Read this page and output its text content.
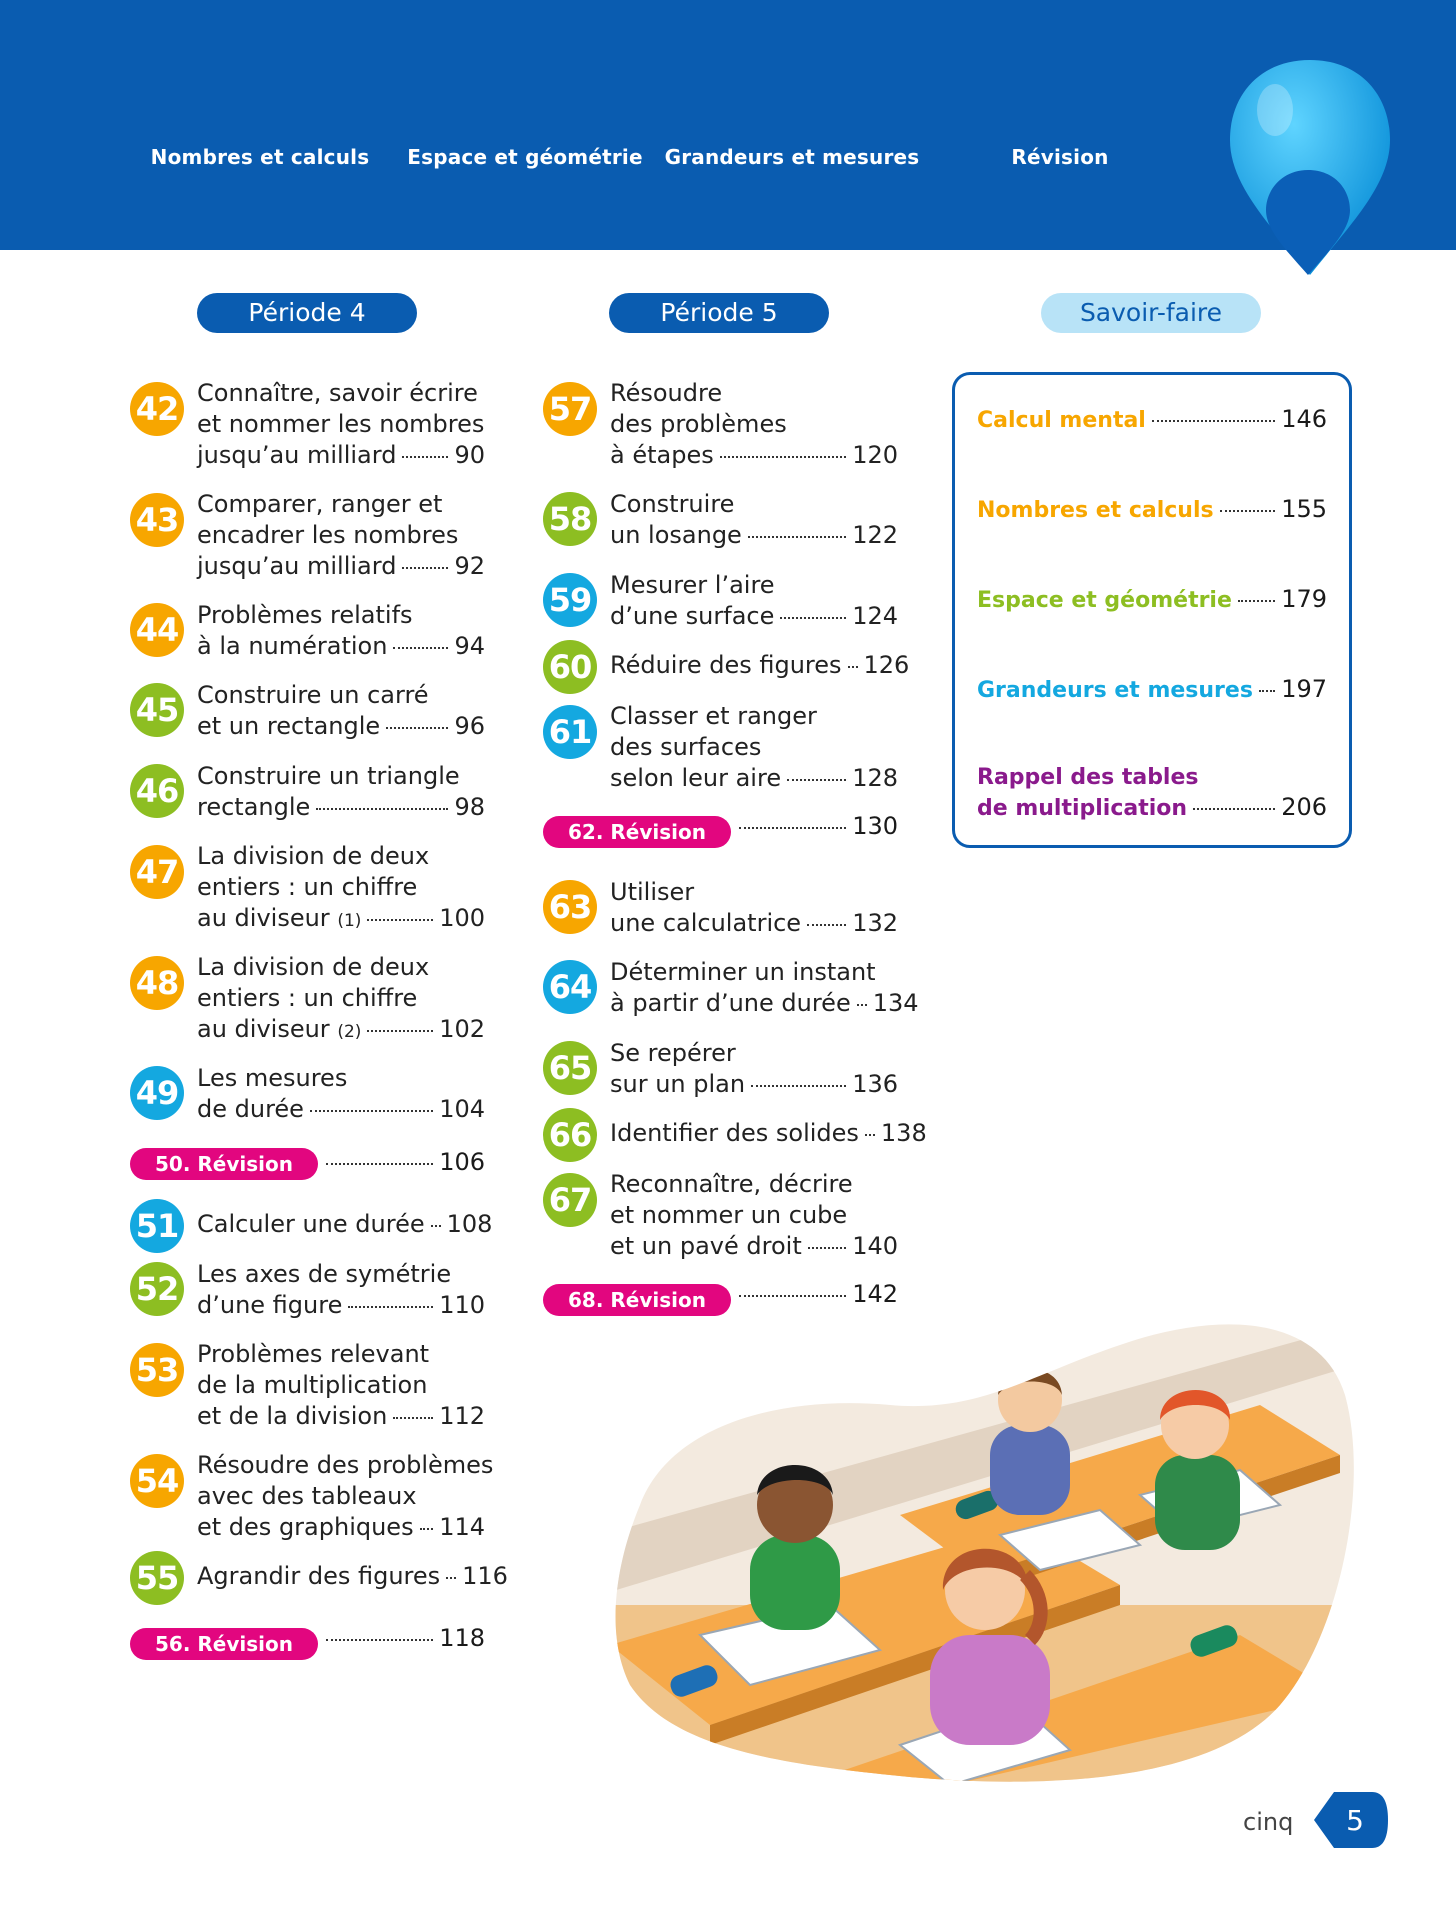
Nombres et calculs	Espace et géométrie	Grandeurs et mesures	Révision
Période 4	Période 5	Savoir-faire
42 Connaître, savoir écrire
et nommer les nombres
jusqu’au milliard 90
43 Comparer, ranger et
encadrer les nombres
jusqu’au milliard 92
44 Problèmes relatifs
à la numération	94
45 Construire un carré
et un rectangle	96
46 Construire un triangle
rectangle	98
47 La division de deux
entiers : un chiffre
au diviseur
(1)	100
48 La division de deux
entiers : un chiffre
au diviseur
(2)	102
49 Les mesures
de durée	104
50. Révision	106
51 Calculer une durée 108
52 Les axes de symétrie
d’une figure	110
53 Problèmes relevant
de la multiplication
et de la division 112
54 Résoudre des problèmes
avec des tableaux
et des graphiques 114
55 Agrandir des figures 116
56. Révision	118
57 Résoudre
des problèmes
à étapes	120
58 Construire
un losange	122
59 Mesurer l’aire
d’une surface	124
60 Réduire des figures 126
61 Classer et ranger
des surfaces
selon leur aire	128
62. Révision	130
63 Utiliser
une calculatrice 132
64 Déterminer un instant
à partir d’une durée 134
65 Se repérer
sur un plan	136
66 Identifier des solides 138
67 Reconnaître, décrire
et nommer un cube
et un pavé droit 140
68. Révision	142
Calcul mental	146
Nombres et calculs	155
Espace et géométrie 179
Grandeurs et mesures 197
Rappel des tables
de multiplication	206
cinq 5
